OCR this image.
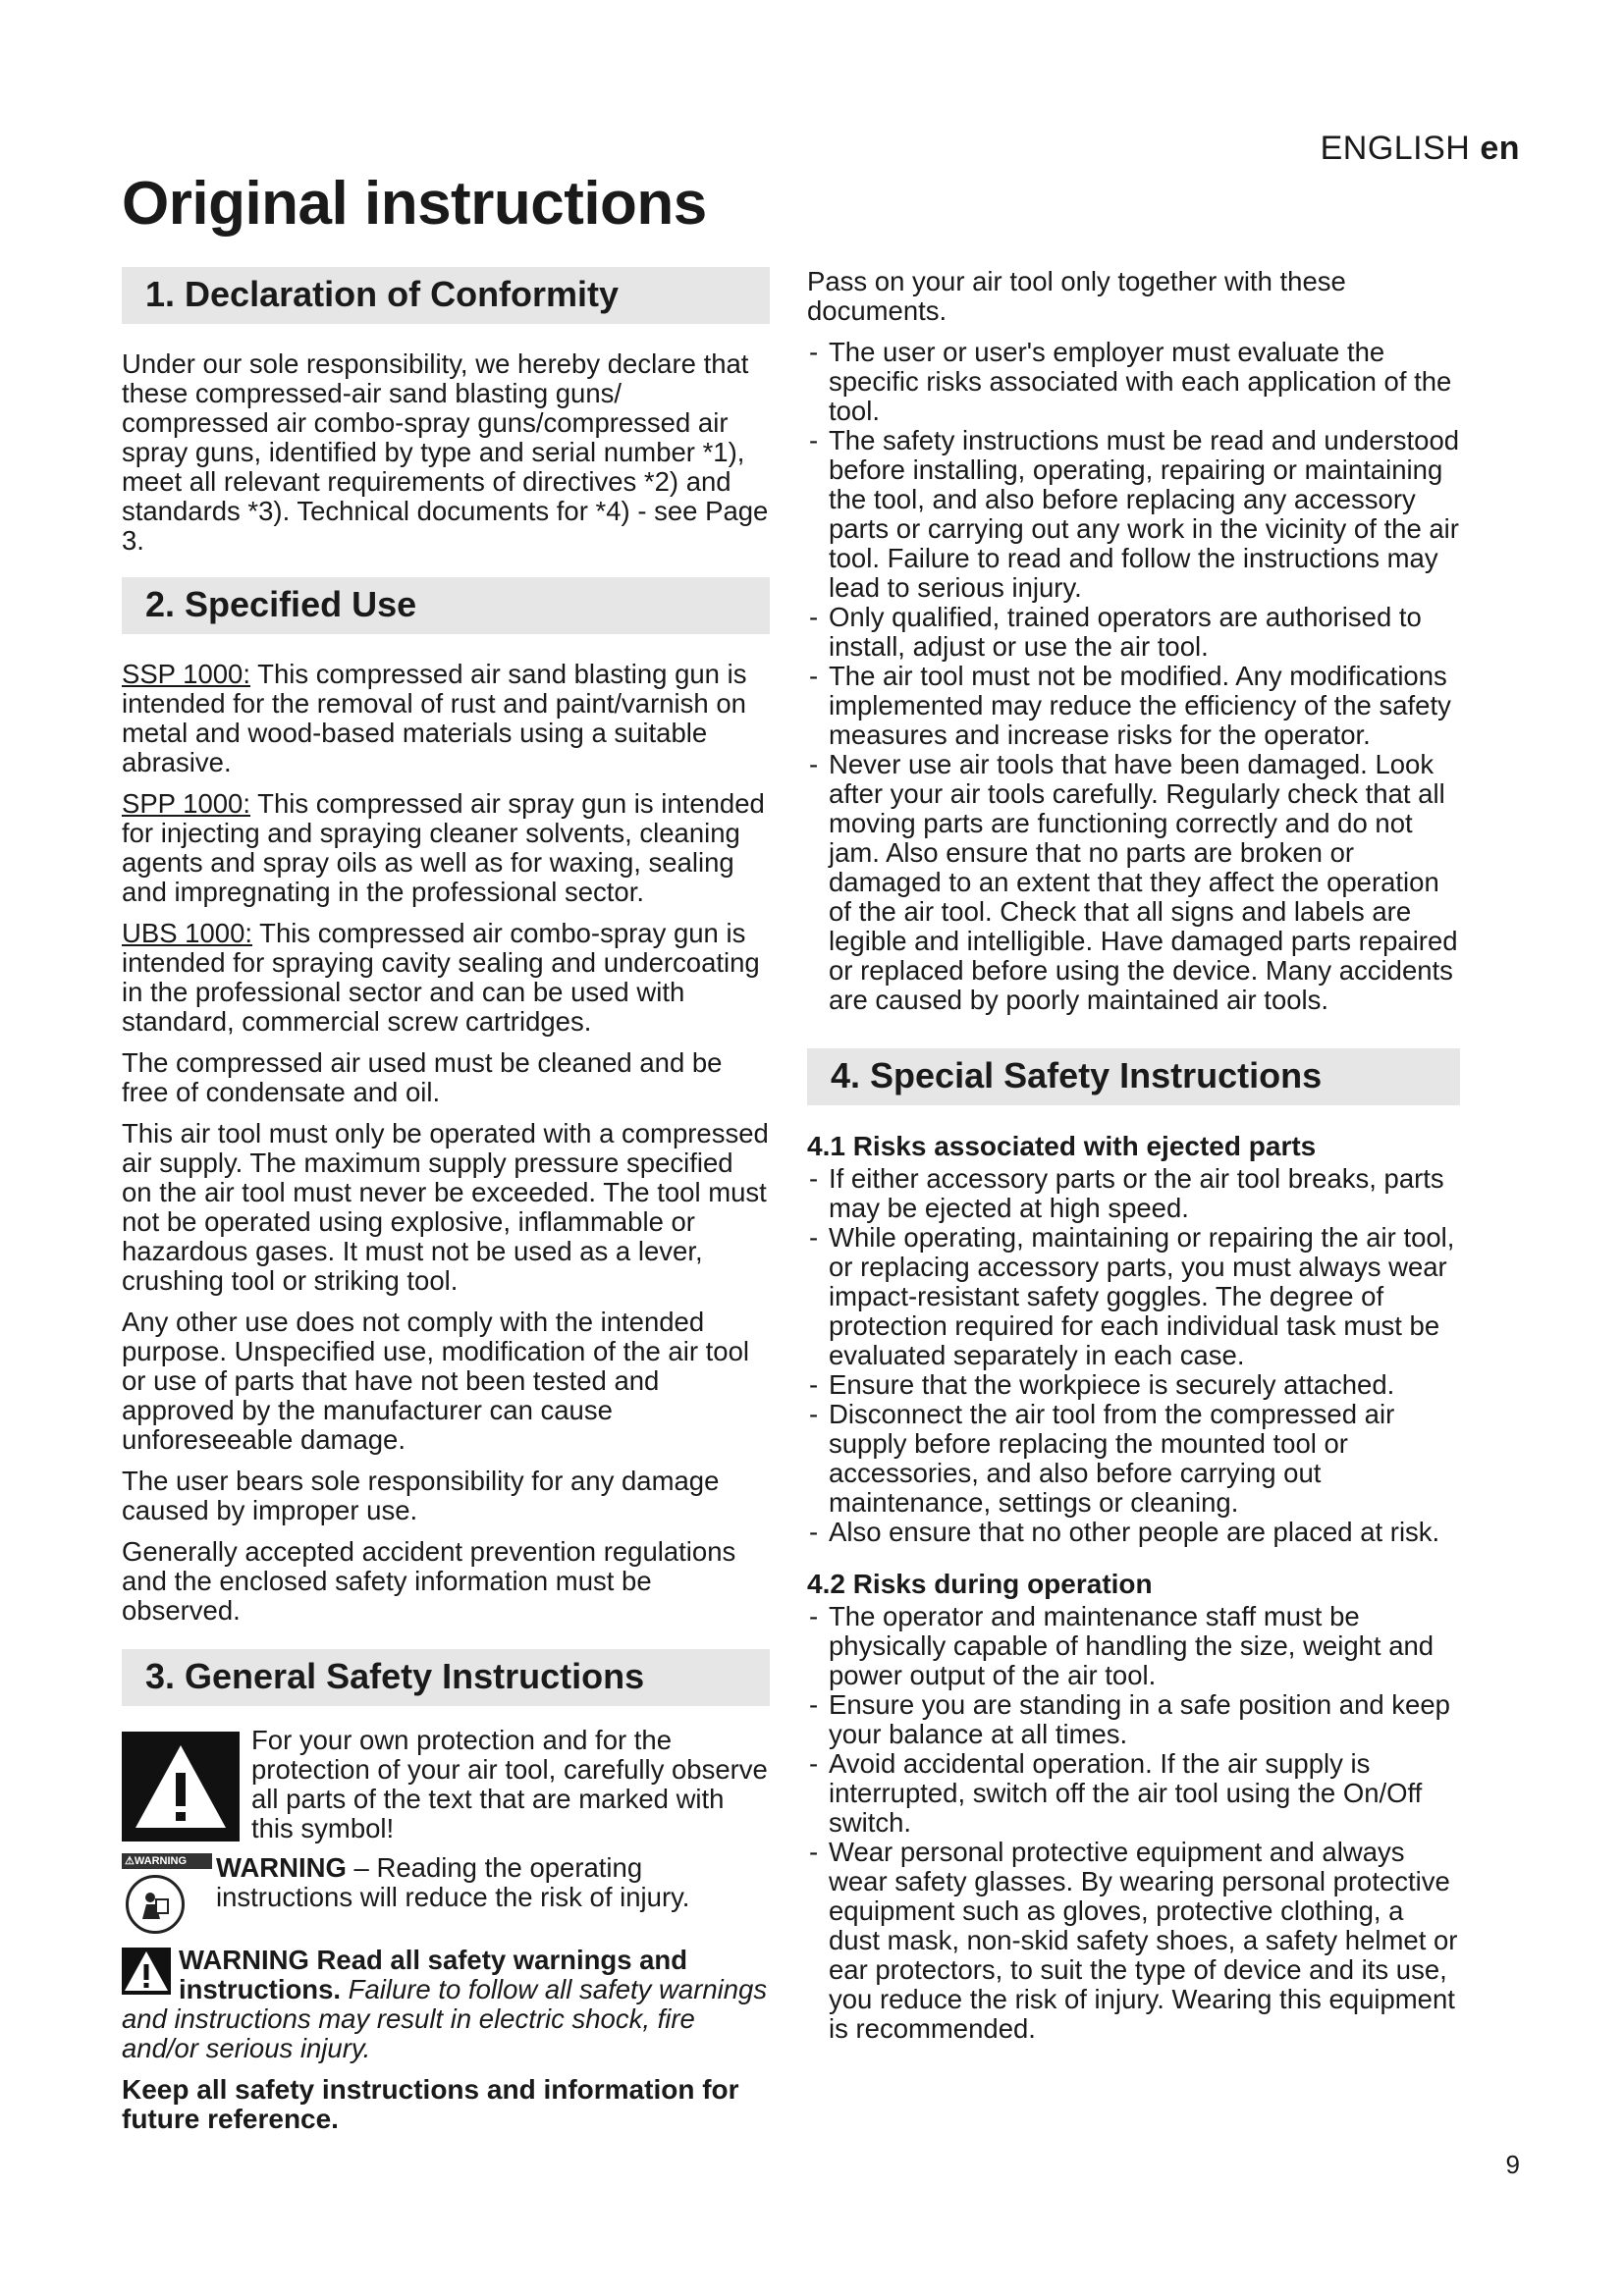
ENGLISH en
Original instructions
1. Declaration of Conformity

Under our sole responsibility, we hereby declare that these compressed-air sand blasting guns/ compressed air combo-spray guns/compressed air spray guns, identified by type and serial number *1), meet all relevant requirements of directives *2) and standards *3). Technical documents for *4) - see Page 3.

2. Specified Use

SSP 1000: This compressed air sand blasting gun is intended for the removal of rust and paint/varnish on metal and wood-based materials using a suitable abrasive.

SPP 1000: This compressed air spray gun is intended for injecting and spraying cleaner solvents, cleaning agents and spray oils as well as for waxing, sealing and impregnating in the professional sector.

UBS 1000: This compressed air combo-spray gun is intended for spraying cavity sealing and undercoating in the professional sector and can be used with standard, commercial screw cartridges.

The compressed air used must be cleaned and be free of condensate and oil.

This air tool must only be operated with a compressed air supply. The maximum supply pressure specified on the air tool must never be exceeded. The tool must not be operated using explosive, inflammable or hazardous gases. It must not be used as a lever, crushing tool or striking tool.

Any other use does not comply with the intended purpose. Unspecified use, modification of the air tool or use of parts that have not been tested and approved by the manufacturer can cause unforeseeable damage.

The user bears sole responsibility for any damage caused by improper use.

Generally accepted accident prevention regulations and the enclosed safety information must be observed.

3. General Safety Instructions
For your own protection and for the protection of your air tool, carefully observe all parts of the text that are marked with this symbol!
⚠WARNING	WARNING – Reading the operating instructions will reduce the risk of injury.
WARNING Read all safety warnings and instructions. Failure to follow all safety warnings and instructions may result in electric shock, fire and/or serious injury.
Keep all safety instructions and information for future reference.

Pass on your air tool only together with these documents.

- The user or user's employer must evaluate the specific risks associated with each application of the tool.
- The safety instructions must be read and understood before installing, operating, repairing or maintaining the tool, and also before replacing any accessory parts or carrying out any work in the vicinity of the air tool. Failure to read and follow the instructions may lead to serious injury.
- Only qualified, trained operators are authorised to install, adjust or use the air tool.
- The air tool must not be modified. Any modifications implemented may reduce the efficiency of the safety measures and increase risks for the operator.
- Never use air tools that have been damaged. Look after your air tools carefully. Regularly check that all moving parts are functioning correctly and do not jam. Also ensure that no parts are broken or damaged to an extent that they affect the operation of the air tool. Check that all signs and labels are legible and intelligible. Have damaged parts repaired or replaced before using the device. Many accidents are caused by poorly maintained air tools.
4. Special Safety Instructions
4.1 Risks associated with ejected parts
- If either accessory parts or the air tool breaks, parts may be ejected at high speed.
- While operating, maintaining or repairing the air tool, or replacing accessory parts, you must always wear impact-resistant safety goggles. The degree of protection required for each individual task must be evaluated separately in each case.
- Ensure that the workpiece is securely attached.
- Disconnect the air tool from the compressed air supply before replacing the mounted tool or accessories, and also before carrying out maintenance, settings or cleaning.
- Also ensure that no other people are placed at risk.
4.2 Risks during operation
- The operator and maintenance staff must be physically capable of handling the size, weight and power output of the air tool.
- Ensure you are standing in a safe position and keep your balance at all times.
- Avoid accidental operation. If the air supply is interrupted, switch off the air tool using the On/Off switch.
- Wear personal protective equipment and always wear safety glasses. By wearing personal protective equipment such as gloves, protective clothing, a dust mask, non-skid safety shoes, a safety helmet or ear protectors, to suit the type of device and its use, you reduce the risk of injury. Wearing this equipment is recommended.
9
